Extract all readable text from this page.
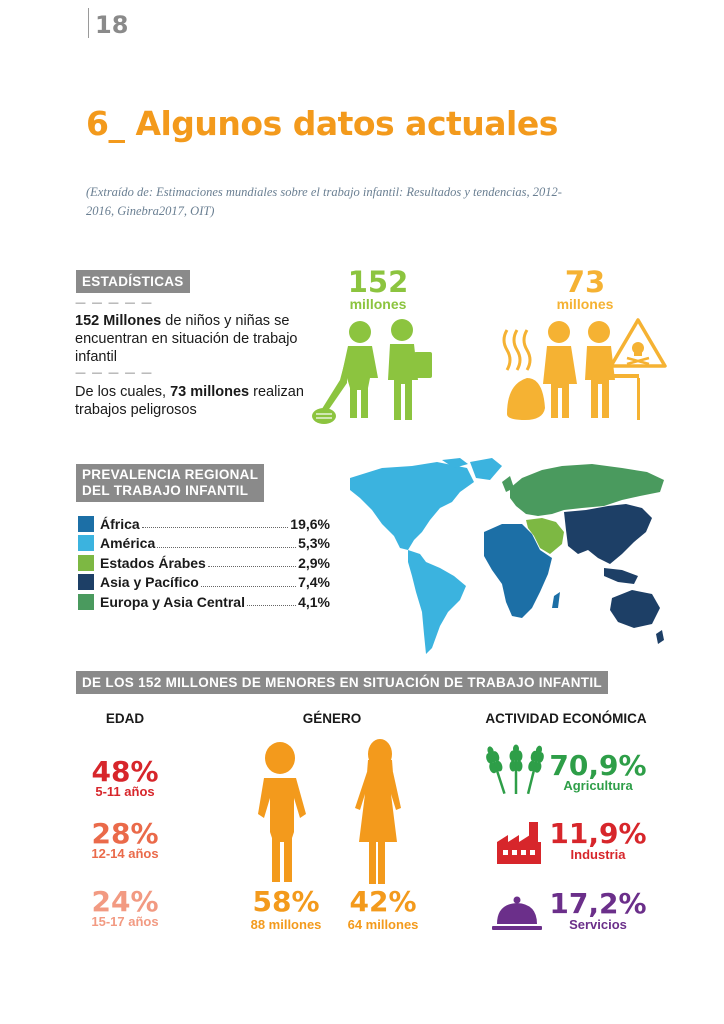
18
6_ Algunos datos actuales

(Extraído de: Estimaciones mundiales sobre el trabajo infantil: Resultados y tendencias, 2012-2016, Ginebra2017, OIT)

ESTADÍSTICAS
— — — — —

152 Millones de niños y niñas se encuentran en situación de trabajo infantil

— — — — —

De los cuales, 73 millones realizan trabajos peligrosos

152
millones
73
millones
PREVALENCIA REGIONAL
DEL TRABAJO INFANTIL
África	19,6%
América	5,3%
Estados Árabes	2,9%
Asia y Pacífico	7,4%
Europa y Asia Central	4,1%
DE LOS 152 MILLONES DE MENORES EN SITUACIÓN DE TRABAJO INFANTIL
EDAD	GÉNERO	ACTIVIDAD ECONÓMICA
48%
5-11 años
28%
12-14 años
24%
15-17 años
58%
88 millones
42%
64 millones
70,9%
Agricultura
11,9%
Industria
17,2%
Servicios
